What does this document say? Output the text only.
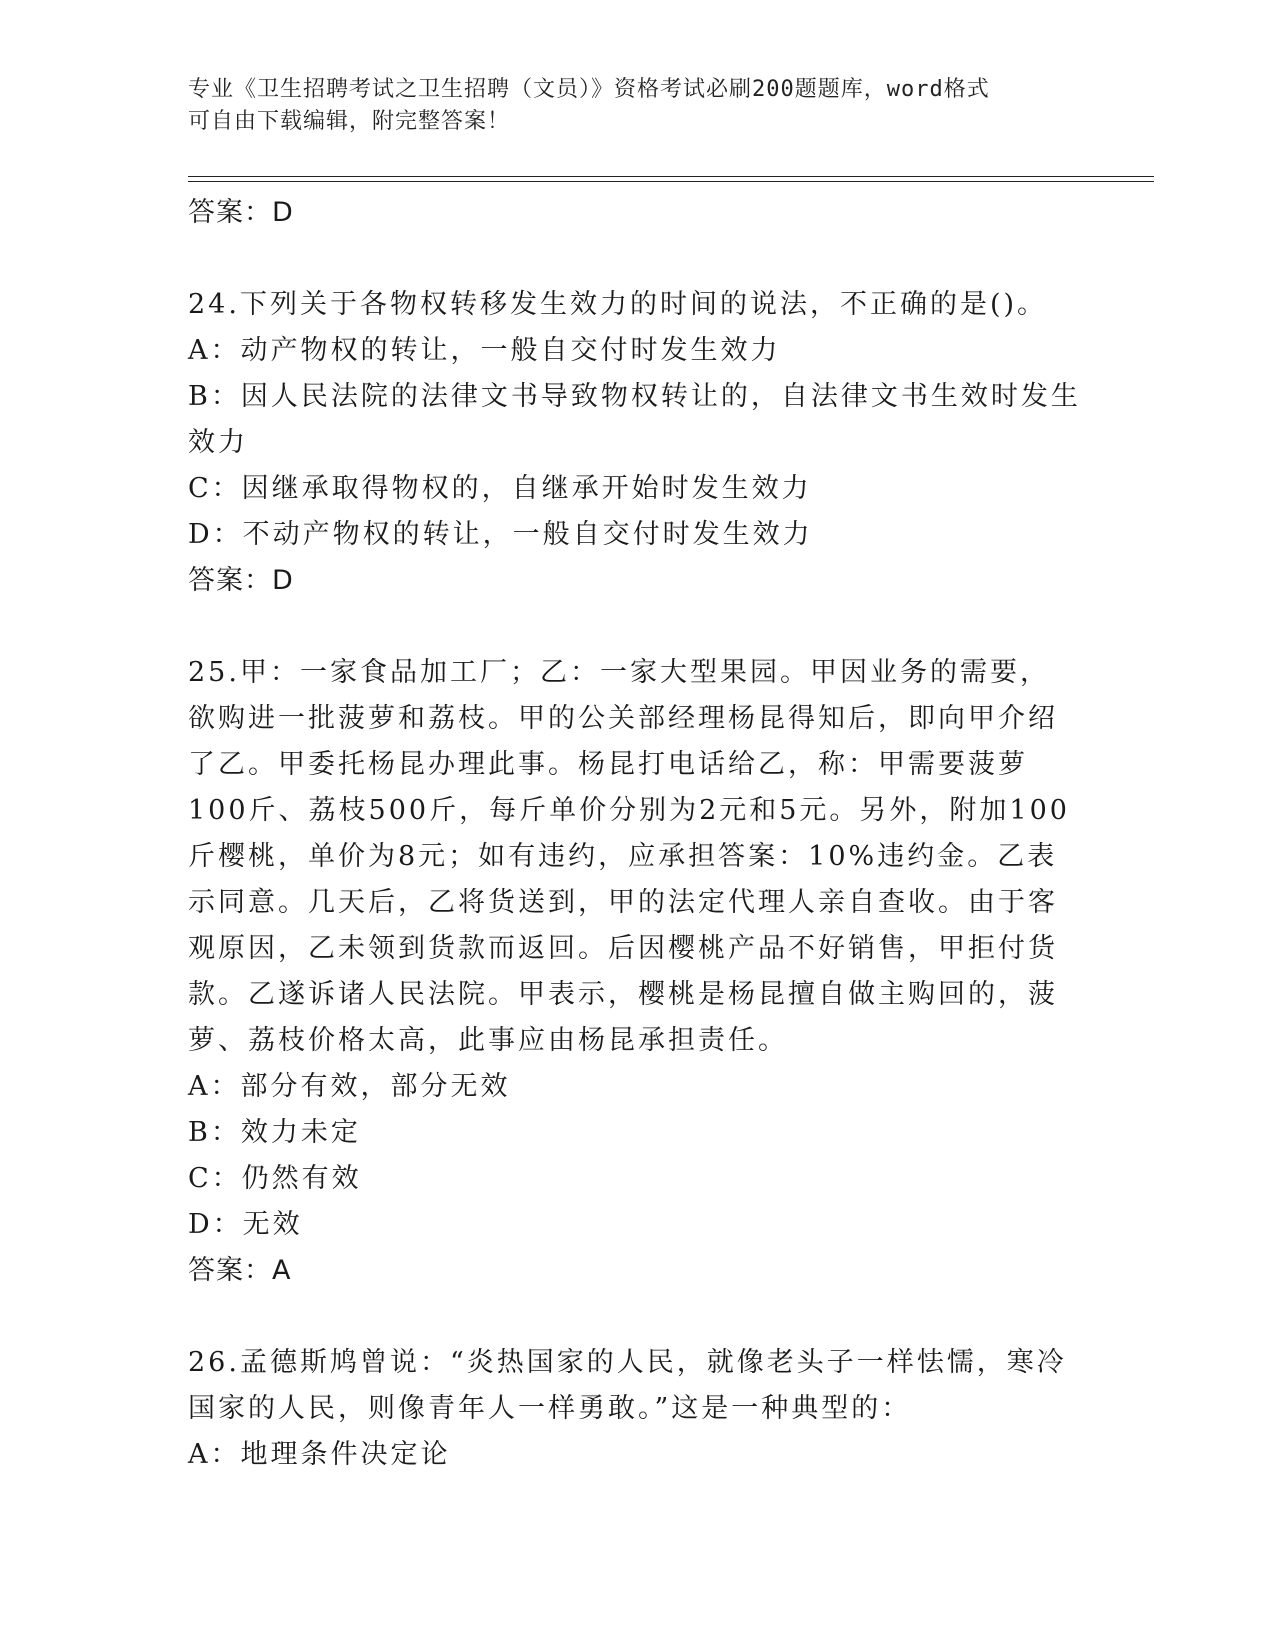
专业《卫生招聘考试之卫生招聘（文员）》资格考试必刷200题题库，word格式
可自由下载编辑，附完整答案！

答案：D

24.下列关于各物权转移发生效力的时间的说法，不正确的是()。

A：动产物权的转让，一般自交付时发生效力

B：因人民法院的法律文书导致物权转让的，自法律文书生效时发生效力

C：因继承取得物权的，自继承开始时发生效力

D：不动产物权的转让，一般自交付时发生效力

答案：D

25.甲：一家食品加工厂；乙：一家大型果园。甲因业务的需要，欲购进一批菠萝和荔枝。甲的公关部经理杨昆得知后，即向甲介绍了乙。甲委托杨昆办理此事。杨昆打电话给乙，称：甲需要菠萝100斤、荔枝500斤，每斤单价分别为2元和5元。另外，附加100斤樱桃，单价为8元；如有违约，应承担答案：10%违约金。乙表示同意。几天后，乙将货送到，甲的法定代理人亲自查收。由于客观原因，乙未领到货款而返回。后因樱桃产品不好销售，甲拒付货款。乙遂诉诸人民法院。甲表示，樱桃是杨昆擅自做主购回的，菠萝、荔枝价格太高，此事应由杨昆承担责任。

A：部分有效，部分无效

B：效力未定

C：仍然有效

D：无效

答案：A

26.孟德斯鸠曾说：“炎热国家的人民，就像老头子一样怯懦，寒冷国家的人民，则像青年人一样勇敢。”这是一种典型的：

A：地理条件决定论
